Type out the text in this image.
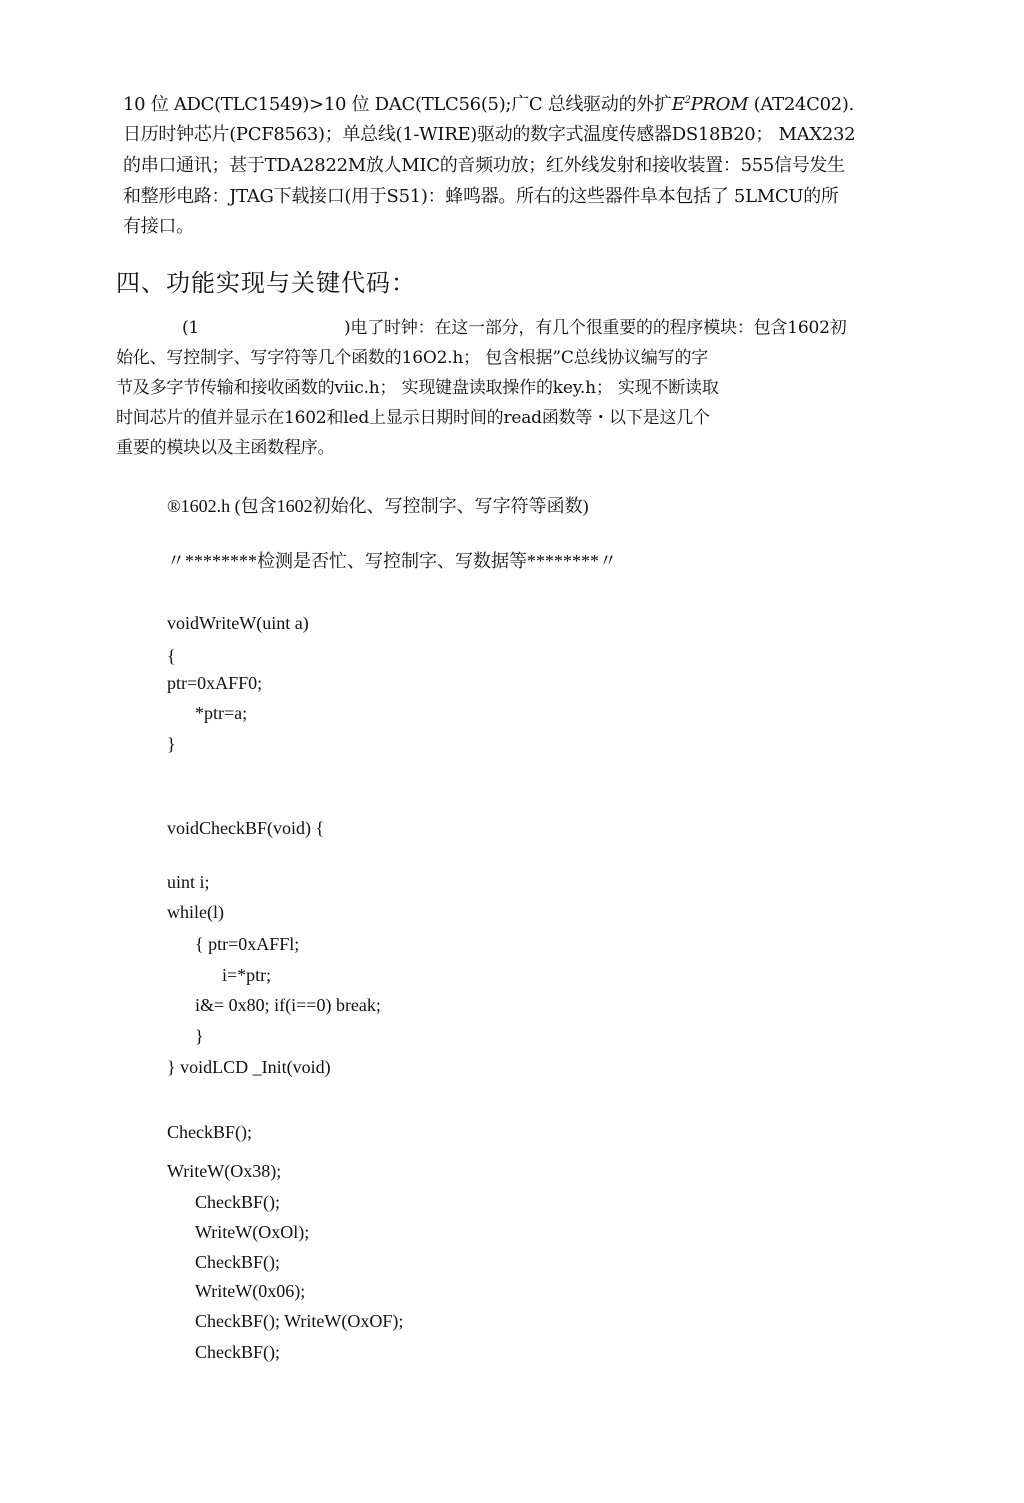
10 位 ADC(TLC1549)>10 位 DAC(TLC56(5);广C 总线驱动的外扩$E^2PROM$ (AT24C02).
日历时钟芯片(PCF8563)；单总线(1-WIRE)驱动的数字式温度传感器DS18B20； MAX232
的串口通讯；甚于TDA2822M放人MIC的音频功放；红外线发射和接收装置：555信号发生
和整形电路：JTAG下载接口(用于S51)：蜂鸣器。所右的这些器件阜本包括了 5LMCU的所
有接口。
四、功能实现与关键代码：
(1	)电了时钟：在这一部分，有几个很重要的的程序模块：包含1602初
始化、写控制字、写字符等几个函数的16O2.h； 包含根据”C总线协议编写的字
节及多字节传输和接收函数的viic.h； 实现键盘读取操作的key.h； 实现不断读取
时间芯片的值并显示在1602和led上显示日期时间的read函数等・以下是这几个
重要的模块以及主函数程序。
®1602.h (包含1602初始化、写控制字、写字符等函数)
〃********检测是否忙、写控制字、写数据等********〃
voidWriteW(uint a)
{
ptr=0xAFF0;
*ptr=a;
}
voidCheckBF(void) {
uint i;
while(l)
{ ptr=0xAFFl;
i=*ptr;
i&= 0x80; if(i==0) break;
}
} voidLCD _Init(void)
CheckBF();
WriteW(Ox38);
CheckBF();
WriteW(OxOl);
CheckBF();
WriteW(0x06);
CheckBF(); WriteW(OxOF);
CheckBF();
